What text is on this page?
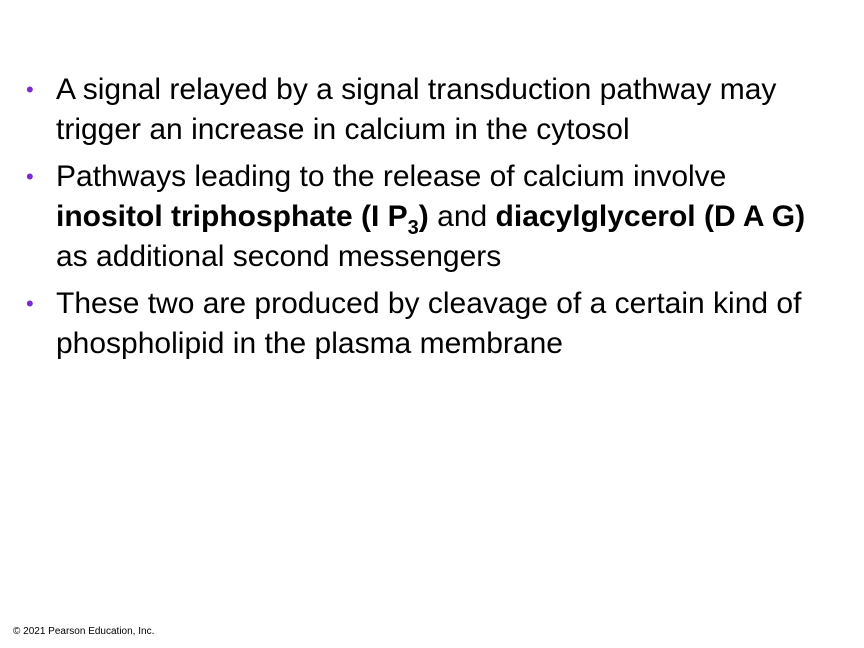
• A signal relayed by a signal transduction pathway may trigger an increase in calcium in the cytosol
• Pathways leading to the release of calcium involve inositol triphosphate (I $P_3$) and diacylglycerol (D A G) as additional second messengers
• These two are produced by cleavage of a certain kind of phospholipid in the plasma membrane
© 2021 Pearson Education, Inc.
